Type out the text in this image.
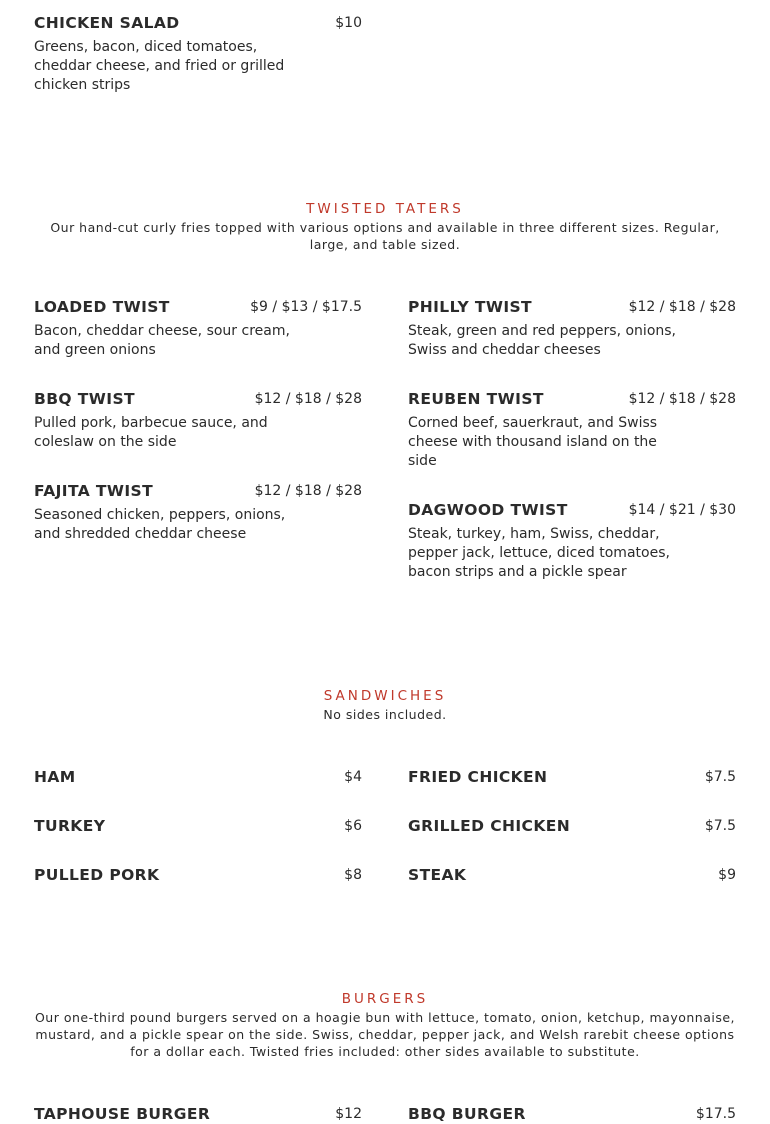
CHICKEN SALAD	$10
Greens, bacon, diced tomatoes, cheddar cheese, and fried or grilled chicken strips
TWISTED TATERS
Our hand-cut curly fries topped with various options and available in three different sizes. Regular, large, and table sized.
LOADED TWIST	$9 / $13 / $17.5
Bacon, cheddar cheese, sour cream, and green onions
PHILLY TWIST	$12 / $18 / $28
Steak, green and red peppers, onions, Swiss and cheddar cheeses
BBQ TWIST	$12 / $18 / $28
Pulled pork, barbecue sauce, and coleslaw on the side
REUBEN TWIST	$12 / $18 / $28
Corned beef, sauerkraut, and Swiss cheese with thousand island on the side
FAJITA TWIST	$12 / $18 / $28
Seasoned chicken, peppers, onions, and shredded cheddar cheese
DAGWOOD TWIST	$14 / $21 / $30
Steak, turkey, ham, Swiss, cheddar, pepper jack, lettuce, diced tomatoes, bacon strips and a pickle spear
SANDWICHES
No sides included.
HAM	$4	FRIED CHICKEN	$7.5
TURKEY	$6	GRILLED CHICKEN	$7.5
PULLED PORK	$8	STEAK	$9
BURGERS
Our one-third pound burgers served on a hoagie bun with lettuce, tomato, onion, ketchup, mayonnaise, mustard, and a pickle spear on the side. Swiss, cheddar, pepper jack, and Welsh rarebit cheese options for a dollar each. Twisted fries included: other sides available to substitute.
TAPHOUSE BURGER	$12	BBQ BURGER	$17.5
